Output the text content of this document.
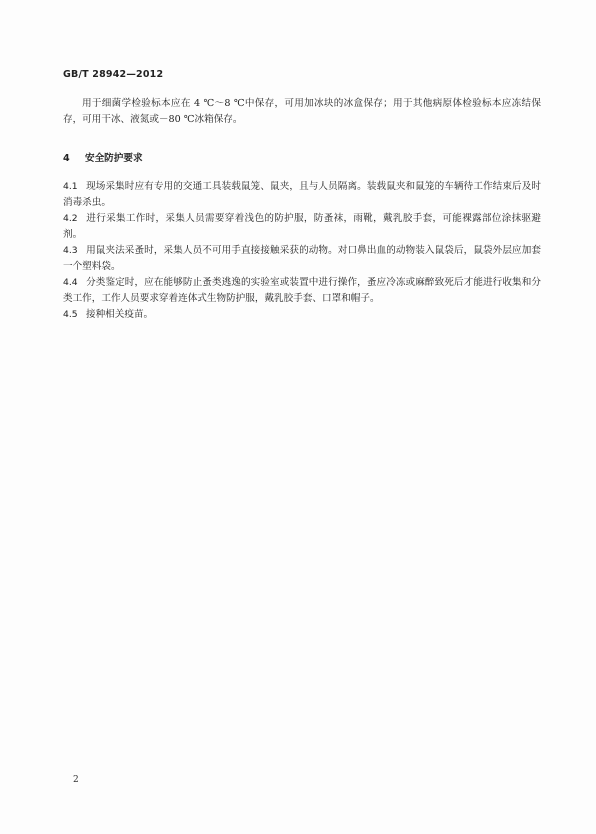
GB/T 28942—2012

用于细菌学检验标本应在 4 ℃～8 ℃中保存，可用加冰块的冰盒保存；用于其他病原体检验标本应冻结保存，可用干冰、液氮或－80 ℃冰箱保存。

4 安全防护要求

4.1 现场采集时应有专用的交通工具装载鼠笼、鼠夹，且与人员隔离。装载鼠夹和鼠笼的车辆待工作结束后及时消毒杀虫。

4.2 进行采集工作时，采集人员需要穿着浅色的防护服，防蚤袜，雨靴，戴乳胶手套，可能裸露部位涂抹驱避剂。

4.3 用鼠夹法采蚤时，采集人员不可用手直接接触采获的动物。对口鼻出血的动物装入鼠袋后，鼠袋外层应加套一个塑料袋。

4.4 分类鉴定时，应在能够防止蚤类逃逸的实验室或装置中进行操作，蚤应冷冻或麻醉致死后才能进行收集和分类工作，工作人员要求穿着连体式生物防护服，戴乳胶手套、口罩和帽子。

4.5 接种相关疫苗。

2
